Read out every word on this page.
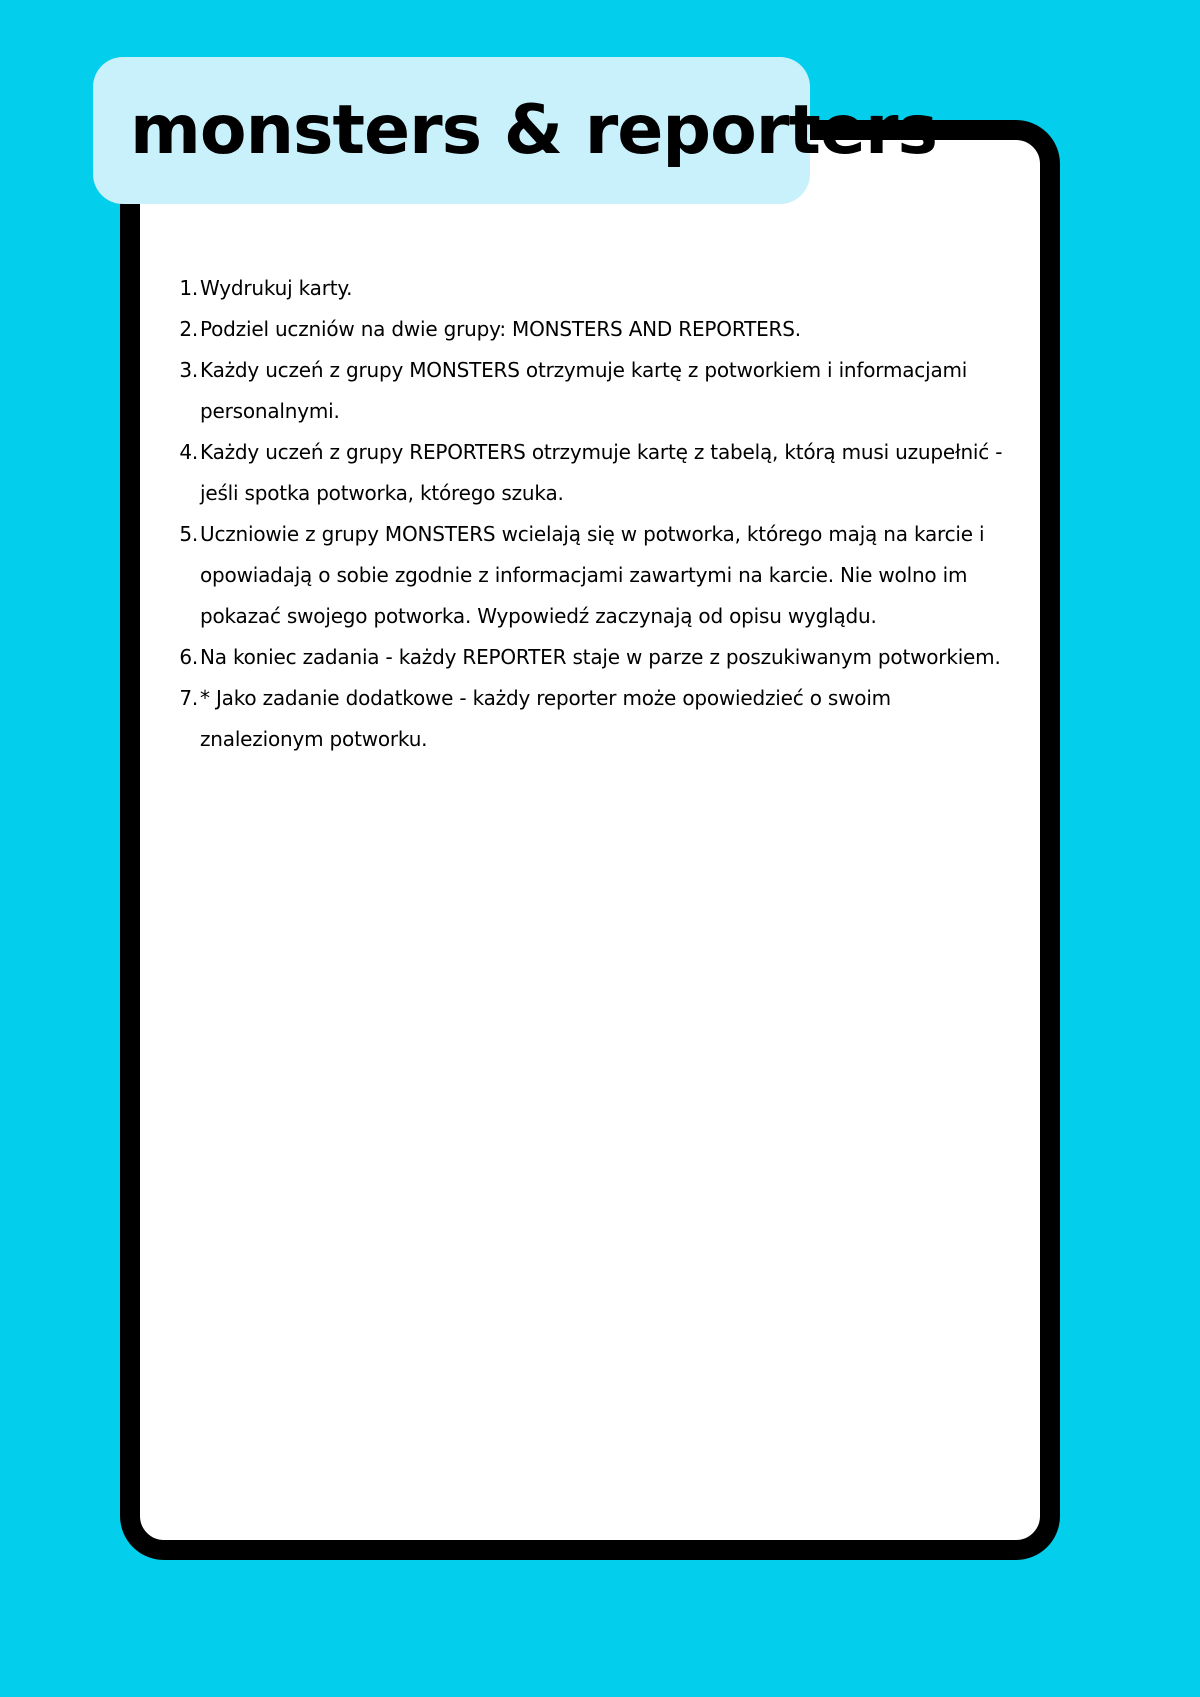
monsters & reporters
1. Wydrukuj karty.
2. Podziel uczniów na dwie grupy: MONSTERS AND REPORTERS.
3. Każdy uczeń z grupy MONSTERS otrzymuje kartę z potworkiem i informacjami personalnymi.
4. Każdy uczeń z grupy REPORTERS otrzymuje kartę z tabelą, którą musi uzupełnić - jeśli spotka potworka, którego szuka.
5. Uczniowie z grupy MONSTERS wcielają się w potworka, którego mają na karcie i opowiadają o sobie zgodnie z informacjami zawartymi na karcie. Nie wolno im pokazać swojego potworka. Wypowiedź zaczynają od opisu wyglądu.
6. Na koniec zadania - każdy REPORTER staje w parze z poszukiwanym potworkiem.
7. * Jako zadanie dodatkowe - każdy reporter może opowiedzieć o swoim znalezionym potworku.
